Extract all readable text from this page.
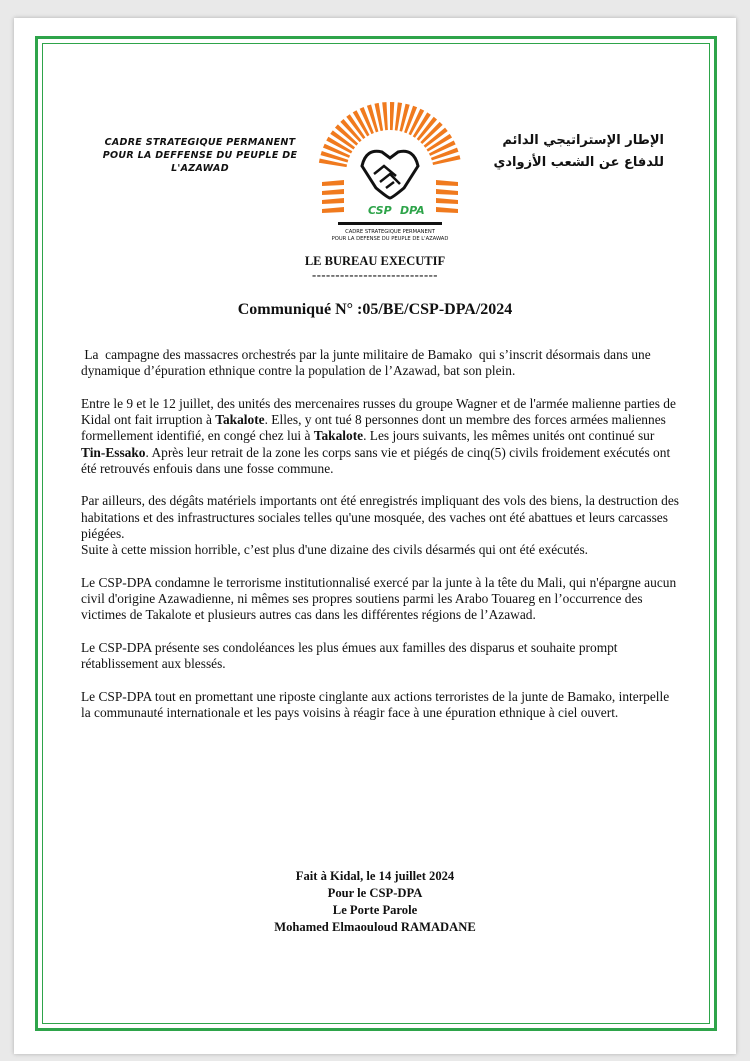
CADRE STRATEGIQUE PERMANENT
POUR LA DEFFENSE DU PEUPLE DE
L'AZAWAD
CSP DPA
CADRE STRATEGIQUE PERMANENT
POUR LA DEFENSE DU PEUPLE DE L'AZAWAD
الإطار الإستراتيجي الدائم
للدفاع عن الشعب الأزوادي
LE BUREAU EXECUTIF
---------------------------
Communiqué N° :05/BE/CSP-DPA/2024

La  campagne des massacres orchestrés par la junte militaire de Bamako  qui s’inscrit désormais dans une dynamique d’épuration ethnique contre la population de l’Azawad, bat son plein.

Entre le 9 et le 12 juillet, des unités des mercenaires russes du groupe Wagner et de l'armée malienne parties de Kidal ont fait irruption à Takalote. Elles, y ont tué 8 personnes dont un membre des forces armées maliennes formellement identifié, en congé chez lui à Takalote. Les jours suivants, les mêmes unités ont continué sur Tin-Essako. Après leur retrait de la zone les corps sans vie et piégés de cinq(5) civils froidement exécutés ont été retrouvés enfouis dans une fosse commune.

Par ailleurs, des dégâts matériels importants ont été enregistrés impliquant des vols des biens, la destruction des habitations et des infrastructures sociales telles qu'une mosquée, des vaches ont été abattues et leurs carcasses piégées.

Suite à cette mission horrible, c’est plus d'une dizaine des civils désarmés qui ont été exécutés.

Le CSP-DPA condamne le terrorisme institutionnalisé exercé par la junte à la tête du Mali, qui n'épargne aucun civil d'origine Azawadienne, ni mêmes ses propres soutiens parmi les Arabo Touareg en l’occurrence des victimes de Takalote et plusieurs autres cas dans les différentes régions de l’Azawad.

Le CSP-DPA présente ses condoléances les plus émues aux familles des disparus et souhaite prompt rétablissement aux blessés.

Le CSP-DPA tout en promettant une riposte cinglante aux actions terroristes de la junte de Bamako, interpelle la communauté internationale et les pays voisins à réagir face à une épuration ethnique à ciel ouvert.

Fait à Kidal, le 14 juillet 2024
Pour le CSP-DPA
Le Porte Parole
Mohamed Elmaouloud RAMADANE
